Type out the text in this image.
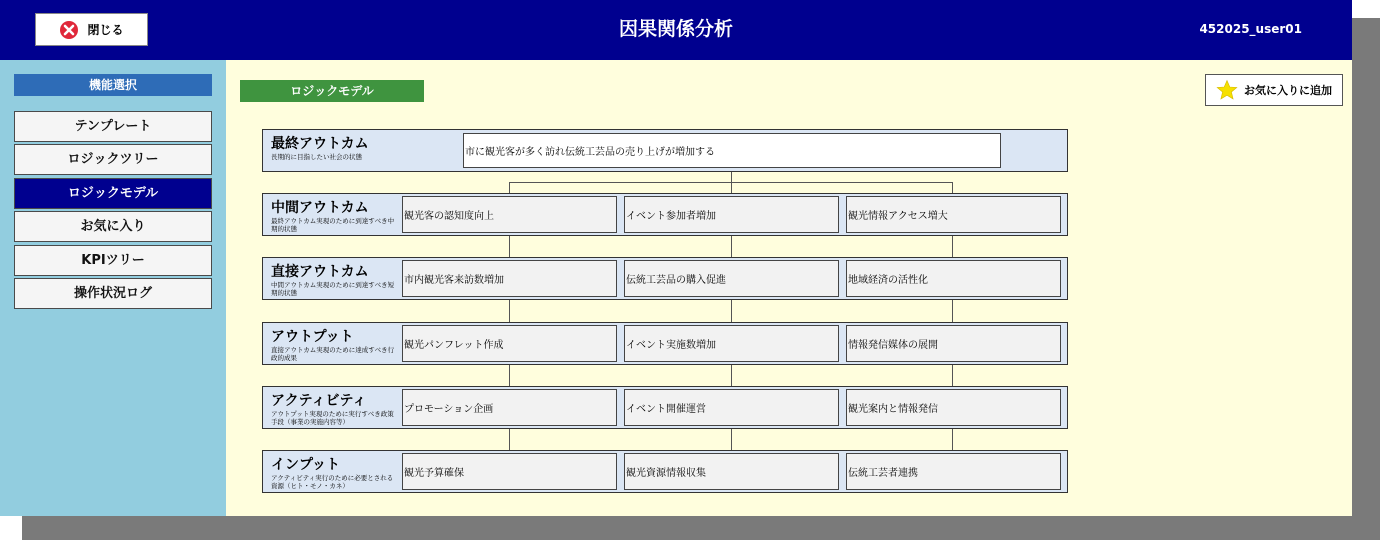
閉じる	因果関係分析	452025_user01
機能選択
テンプレート
ロジックツリー
ロジックモデル
お気に入り
KPIツリー
操作状況ログ
ロジックモデル	お気に入りに追加
最終アウトカム
長期的に目指したい社会の状態	市に観光客が多く訪れ伝統工芸品の売り上げが増加する
中間アウトカム
最終アウトカム実現のために到達すべき中期的状態
観光客の認知度向上	イベント参加者増加	観光情報アクセス増大
直接アウトカム
中間アウトカム実現のために到達すべき短期的状態
市内観光客来訪数増加	伝統工芸品の購入促進	地域経済の活性化
アウトプット
直接アウトカム実現のために達成すべき行政的成果
観光パンフレット作成	イベント実施数増加	情報発信媒体の展開
アクティビティ
アウトプット実現のために実行すべき政策手段（事業の実施内容等）
プロモーション企画	イベント開催運営	観光案内と情報発信
インプット
アクティビティ実行のために必要とされる資源（ヒト・モノ・カネ）
観光予算確保	観光資源情報収集	伝統工芸者連携
